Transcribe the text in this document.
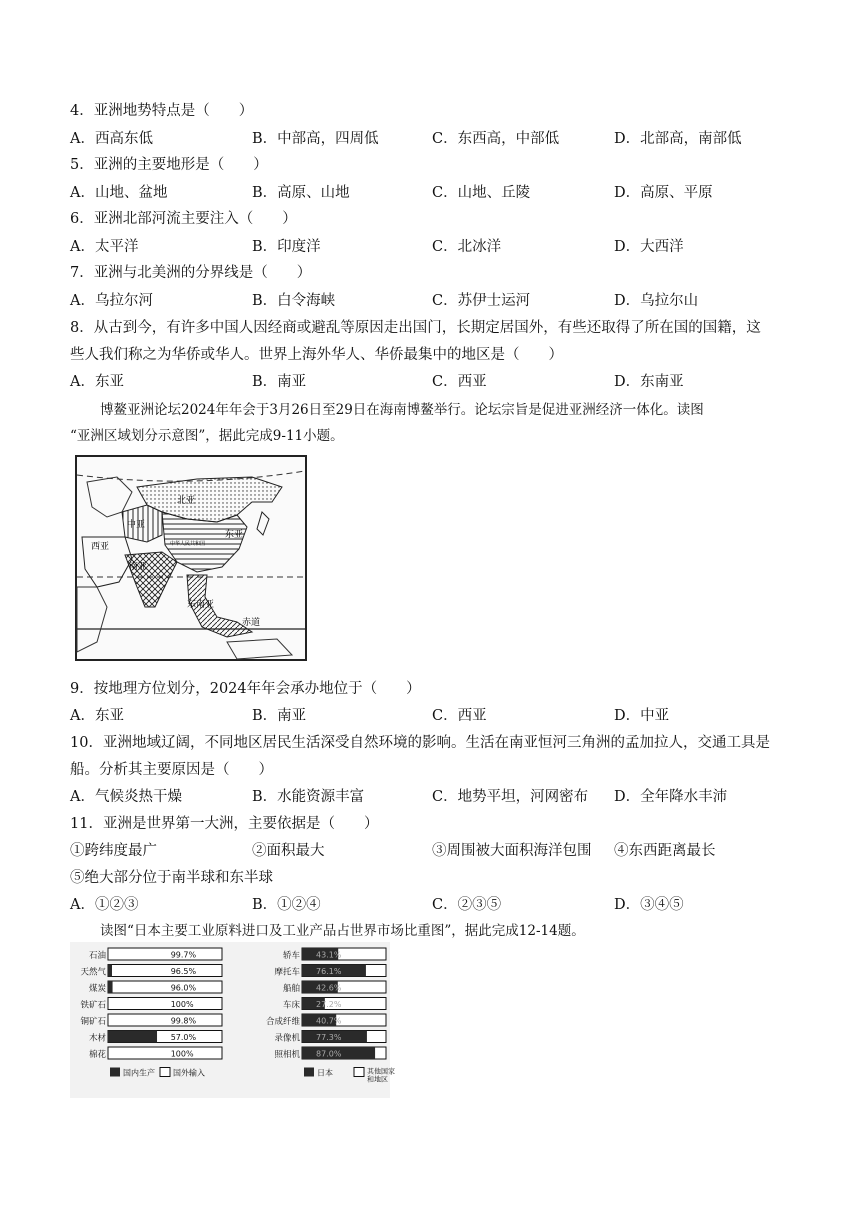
4．亚洲地势特点是（　　）
A．西高东低	B．中部高，四周低	C．东西高，中部低	D．北部高，南部低
5．亚洲的主要地形是（　　）
A．山地、盆地	B．高原、山地	C．山地、丘陵	D．高原、平原
6．亚洲北部河流主要注入（　　）
A．太平洋	B．印度洋	C．北冰洋	D．大西洋
7．亚洲与北美洲的分界线是（　　）
A．乌拉尔河	B．白令海峡	C．苏伊士运河	D．乌拉尔山
8．从古到今，有许多中国人因经商或避乱等原因走出国门，长期定居国外，有些还取得了所在国的国籍，这
些人我们称之为华侨或华人。世界上海外华人、华侨最集中的地区是（　　）
A．东亚	B．南亚	C．西亚	D．东南亚
博鳌亚洲论坛2024年年会于3月26日至29日在海南博鳌举行。论坛宗旨是促进亚洲经济一体化。读图
“亚洲区域划分示意图”，据此完成9-11小题。
北亚
中亚
东亚
西亚
南亚
东南亚
中华人民共和国
赤道
9．按地理方位划分，2024年年会承办地位于（　　）
A．东亚	B．南亚	C．西亚	D．中亚
10．亚洲地域辽阔，不同地区居民生活深受自然环境的影响。生活在南亚恒河三角洲的孟加拉人，交通工具是
船。分析其主要原因是（　　）
A．气候炎热干燥	B．水能资源丰富	C．地势平坦，河网密布 D．全年降水丰沛
11．亚洲是世界第一大洲，主要依据是（　　）
①跨纬度最广	②面积最大	③周围被大面积海洋包围 ④东西距离最长
⑤绝大部分位于南半球和东半球
A．①②③	B．①②④	C．②③⑤	D．③④⑤
读图“日本主要工业原料进口及工业产品占世界市场比重图”，据此完成12-14题。
石油	99.7%
天然气	96.5%
煤炭	96.0%
铁矿石	100%
铜矿石	99.8%
木材	57.0%
棉花	100%
国内生产 国外输入
轿车 43.1%
摩托车 76.1%
船舶 42.6%
车床 27.2%
合成纤维 40.7%
录像机 77.3%
照相机 87.0%
日本	其他国家
和地区
